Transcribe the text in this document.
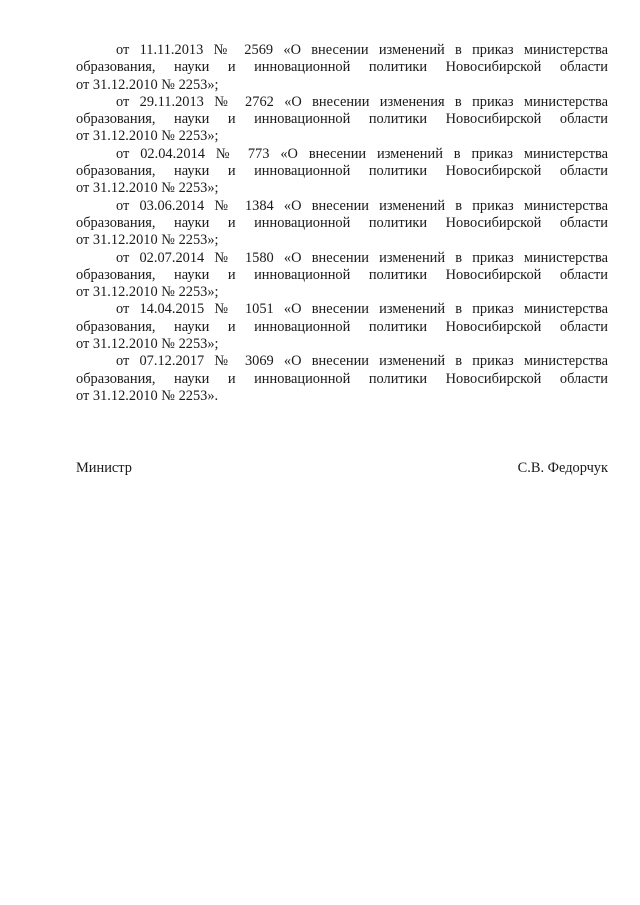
от 11.11.2013 № 2569 «О внесении изменений в приказ министерства
образования, науки и инновационной политики Новосибирской области
от 31.12.2010 № 2253»;

от 29.11.2013 № 2762 «О внесении изменения в приказ министерства
образования, науки и инновационной политики Новосибирской области
от 31.12.2010 № 2253»;

от 02.04.2014 № 773 «О внесении изменений в приказ министерства
образования, науки и инновационной политики Новосибирской области
от 31.12.2010 № 2253»;

от 03.06.2014 № 1384 «О внесении изменений в приказ министерства
образования, науки и инновационной политики Новосибирской области
от 31.12.2010 № 2253»;

от 02.07.2014 № 1580 «О внесении изменений в приказ министерства
образования, науки и инновационной политики Новосибирской области
от 31.12.2010 № 2253»;

от 14.04.2015 № 1051 «О внесении изменений в приказ министерства
образования, науки и инновационной политики Новосибирской области
от 31.12.2010 № 2253»;

от 07.12.2017 № 3069 «О внесении изменений в приказ министерства
образования, науки и инновационной политики Новосибирской области
от 31.12.2010 № 2253».

Министр	С.В. Федорчук
